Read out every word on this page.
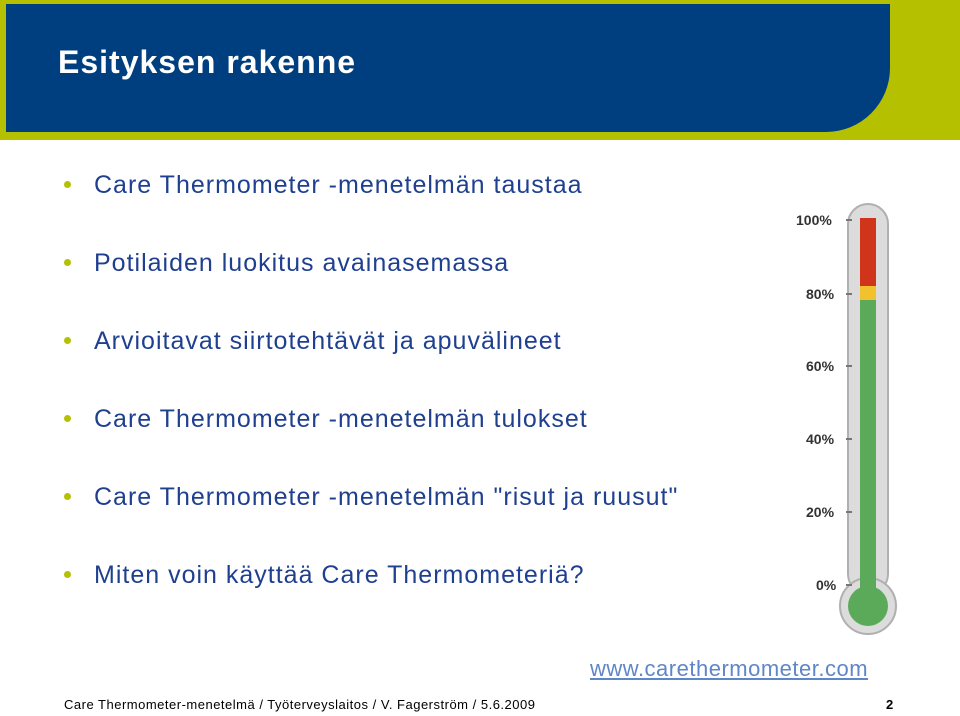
Esityksen rakenne
Care Thermometer -menetelmän taustaa
Potilaiden luokitus avainasemassa
Arvioitavat siirtotehtävät ja apuvälineet
Care Thermometer -menetelmän tulokset
Care Thermometer -menetelmän "risut ja ruusut"
Miten voin käyttää Care Thermometeriä?
100%
80%
60%
40%
20%
0%
www.carethermometer.com
Care Thermometer-menetelmä / Työterveyslaitos / V. Fagerström / 5.6.2009	2
